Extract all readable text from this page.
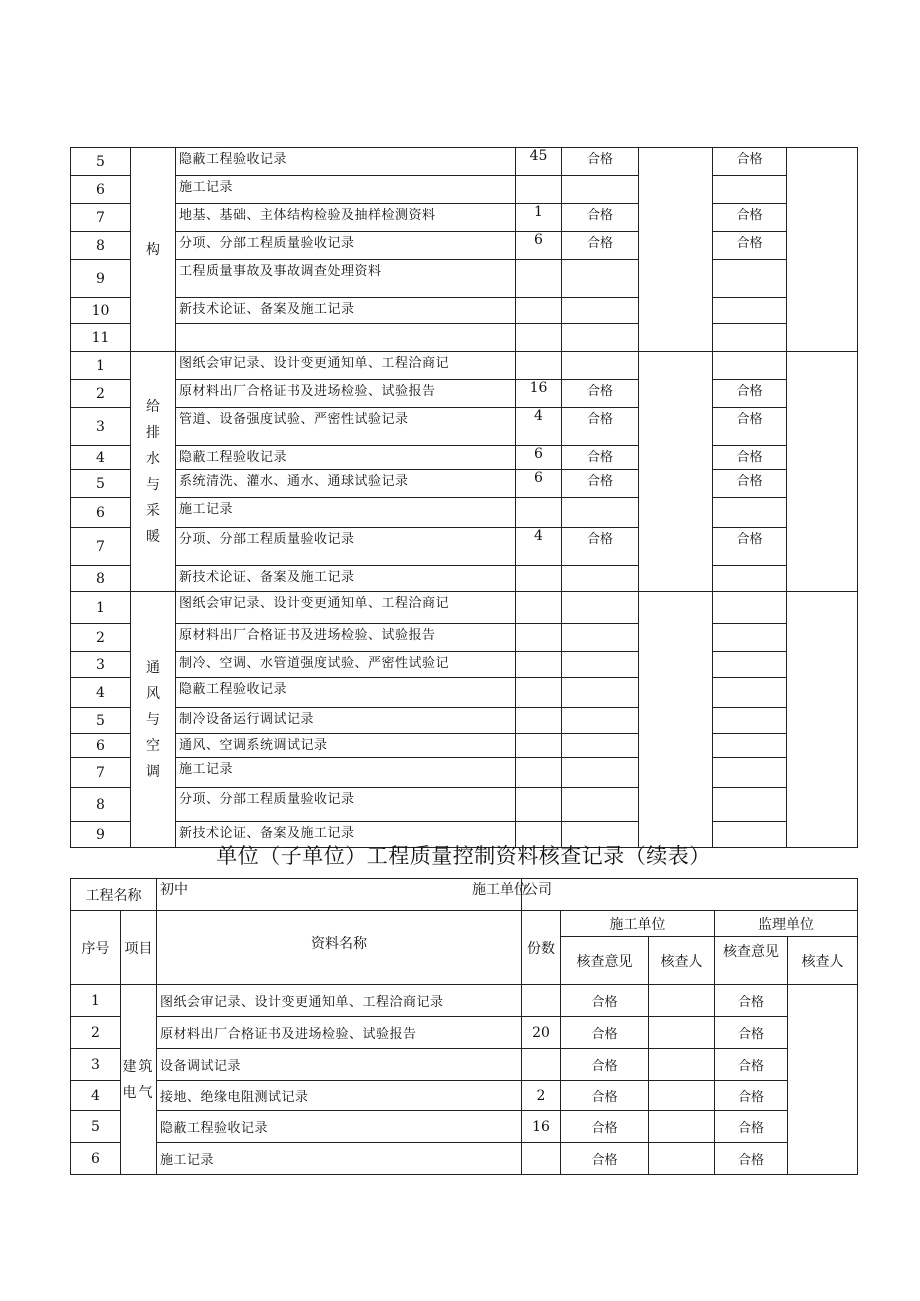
5	构	隐蔽工程验收记录	45	合格		合格	
6		施工记录					
7		地基、基础、主体结构检验及抽样检测资料	1	合格		合格	
8		分项、分部工程质量验收记录	6	合格		合格	
9		工程质量事故及事故调查处理资料					
10		新技术论证、备案及施工记录					
11							
1	给排水与采暖	图纸会审记录、设计变更通知单、工程洽商记					
2		原材料出厂合格证书及进场检验、试验报告	16	合格		合格	
3		管道、设备强度试验、严密性试验记录	4	合格		合格	
4		隐蔽工程验收记录	6	合格		合格	
5		系统清洗、灌水、通水、通球试验记录	6	合格		合格	
6		施工记录					
7		分项、分部工程质量验收记录	4	合格		合格	
8		新技术论证、备案及施工记录					
1	通风与空调	图纸会审记录、设计变更通知单、工程洽商记					
2		原材料出厂合格证书及进场检验、试验报告					
3		制冷、空调、水管道强度试验、严密性试验记					
4		隐蔽工程验收记录					
5		制冷设备运行调试记录					
6		通风、空调系统调试记录					
7		施工记录					
8		分项、分部工程质量验收记录					
9		新技术论证、备案及施工记录					
单位（子单位）工程质量控制资料核查记录（续表）
工程名称		初中 施工单位	公司				
序号	项目	资料名称	份数	施工单位		监理单位	
				核查意见	核查人	核查意见	核查人
1	建筑电气	图纸会审记录、设计变更通知单、工程洽商记录		合格		合格	
2		原材料出厂合格证书及进场检验、试验报告	20	合格		合格	
3		设备调试记录		合格		合格	
4		接地、绝缘电阻测试记录	2	合格		合格	
5		隐蔽工程验收记录	16	合格		合格	
6		施工记录		合格		合格	
